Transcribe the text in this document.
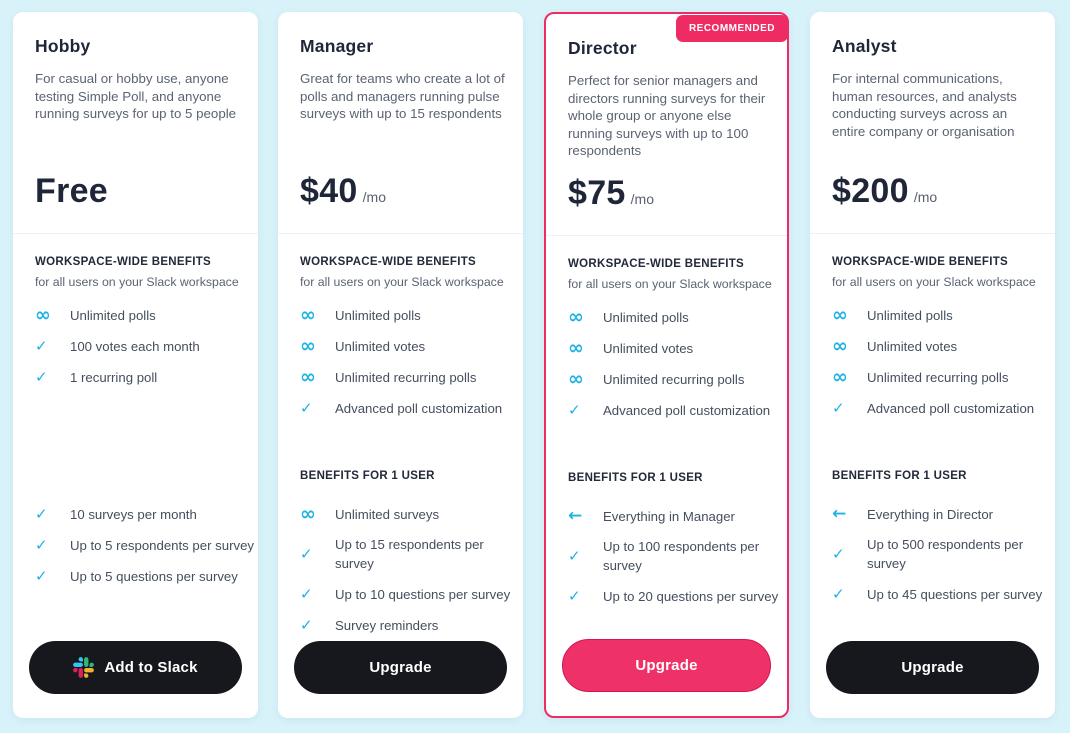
Hobby
For casual or hobby use, anyone testing Simple Poll, and anyone running surveys for up to 5 people
Free
WORKSPACE-WIDE BENEFITS
for all users on your Slack workspace
∞	Unlimited polls
✓	100 votes each month
✓	1 recurring poll
✓	10 surveys per month
✓	Up to 5 respondents per survey
✓	Up to 5 questions per survey
Add to Slack
Manager
Great for teams who create a lot of polls and managers running pulse surveys with up to 15 respondents
$40 /mo
WORKSPACE-WIDE BENEFITS
for all users on your Slack workspace
∞	Unlimited polls
∞	Unlimited votes
∞	Unlimited recurring polls
✓	Advanced poll customization
BENEFITS FOR 1 USER
∞	Unlimited surveys
✓	Up to 15 respondents per survey
✓	Up to 10 questions per survey
✓	Survey reminders
Upgrade
RECOMMENDED
Director
Perfect for senior managers and directors running surveys for their whole group or anyone else running surveys with up to 100 respondents
$75 /mo
WORKSPACE-WIDE BENEFITS
for all users on your Slack workspace
∞	Unlimited polls
∞	Unlimited votes
∞	Unlimited recurring polls
✓	Advanced poll customization
BENEFITS FOR 1 USER
←	Everything in Manager
✓	Up to 100 respondents per survey
✓	Up to 20 questions per survey
Upgrade
Analyst
For internal communications, human resources, and analysts conducting surveys across an entire company or organisation
$200 /mo
WORKSPACE-WIDE BENEFITS
for all users on your Slack workspace
∞	Unlimited polls
∞	Unlimited votes
∞	Unlimited recurring polls
✓	Advanced poll customization
BENEFITS FOR 1 USER
←	Everything in Director
✓	Up to 500 respondents per survey
✓	Up to 45 questions per survey
Upgrade
